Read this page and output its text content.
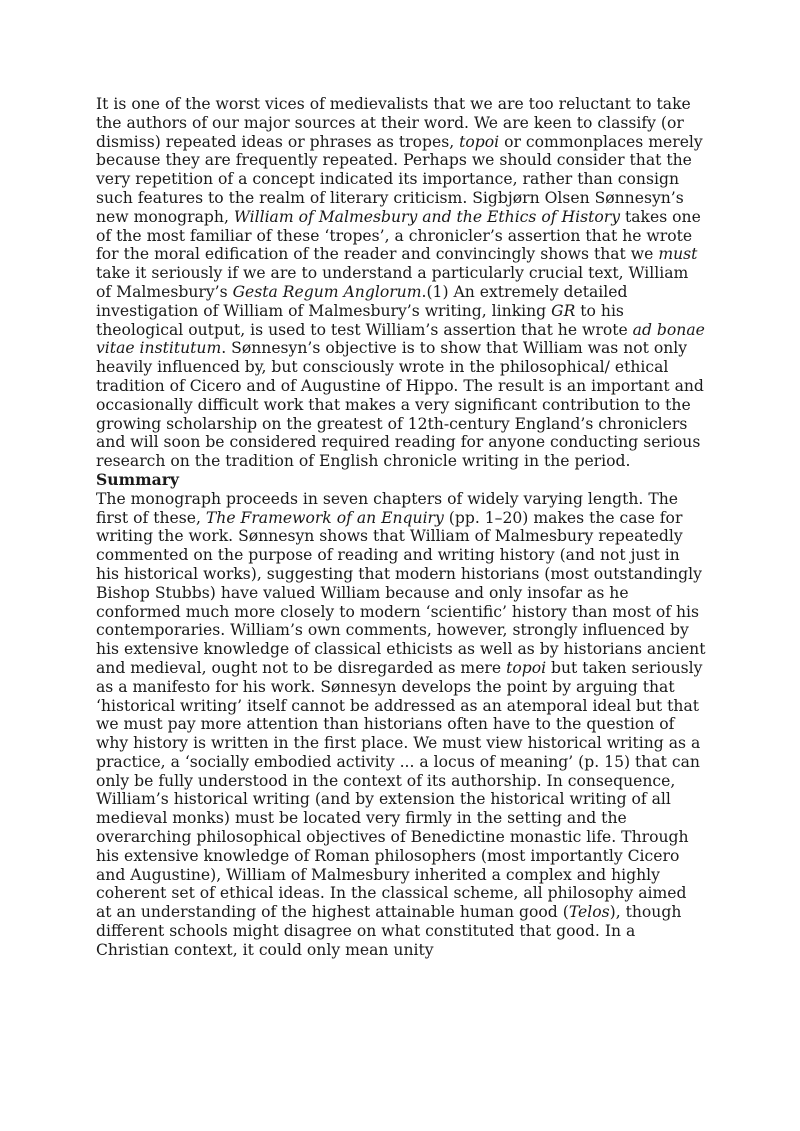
It is one of the worst vices of medievalists that we are too reluctant to take the authors of our major sources at their word. We are keen to classify (or dismiss) repeated ideas or phrases as tropes, topoi or commonplaces merely because they are frequently repeated. Perhaps we should consider that the very repetition of a concept indicated its importance, rather than consign such features to the realm of literary criticism. Sigbjørn Olsen Sønnesyn’s new monograph, William of Malmesbury and the Ethics of History takes one of the most familiar of these ‘tropes’, a chronicler’s assertion that he wrote for the moral edification of the reader and convincingly shows that we must take it seriously if we are to understand a particularly crucial text, William of Malmesbury’s Gesta Regum Anglorum.(1) An extremely detailed investigation of William of Malmesbury’s writing, linking GR to his theological output, is used to test William’s assertion that he wrote ad bonae vitae institutum. Sønnesyn’s objective is to show that William was not only heavily influenced by, but consciously wrote in the philosophical/ ethical tradition of Cicero and of Augustine of Hippo. The result is an important and occasionally difficult work that makes a very significant contribution to the growing scholarship on the greatest of 12th-century England’s chroniclers and will soon be considered required reading for anyone conducting serious research on the tradition of English chronicle writing in the period.

Summary

The monograph proceeds in seven chapters of widely varying length. The first of these, The Framework of an Enquiry (pp. 1–20) makes the case for writing the work. Sønnesyn shows that William of Malmesbury repeatedly commented on the purpose of reading and writing history (and not just in his historical works), suggesting that modern historians (most outstandingly Bishop Stubbs) have valued William because and only insofar as he conformed much more closely to modern ‘scientific’ history than most of his contemporaries. William’s own comments, however, strongly influenced by his extensive knowledge of classical ethicists as well as by historians ancient and medieval, ought not to be disregarded as mere topoi but taken seriously as a manifesto for his work. Sønnesyn develops the point by arguing that ‘historical writing’ itself cannot be addressed as an atemporal ideal but that we must pay more attention than historians often have to the question of why history is written in the first place. We must view historical writing as a practice, a ‘socially embodied activity ... a locus of meaning’ (p. 15) that can only be fully understood in the context of its authorship. In consequence, William’s historical writing (and by extension the historical writing of all medieval monks) must be located very firmly in the setting and the overarching philosophical objectives of Benedictine monastic life. Through his extensive knowledge of Roman philosophers (most importantly Cicero and Augustine), William of Malmesbury inherited a complex and highly coherent set of ethical ideas. In the classical scheme, all philosophy aimed at an understanding of the highest attainable human good (Telos), though different schools might disagree on what constituted that good. In a Christian context, it could only mean unity
